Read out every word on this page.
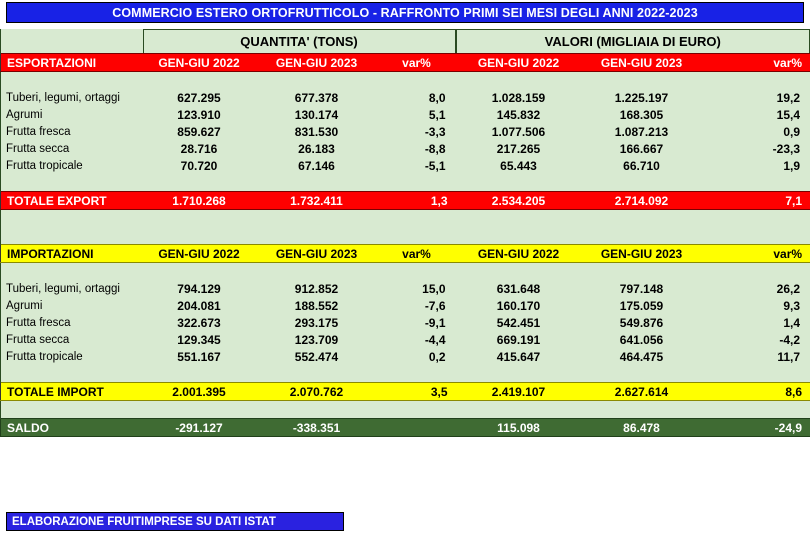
COMMERCIO ESTERO ORTOFRUTTICOLO - RAFFRONTO PRIMI SEI MESI DEGLI ANNI 2022-2023

QUANTITA' (TONS)			VALORI (MIGLIAIA DI EURO)		

ESPORTAZIONI	GEN-GIU 2022	GEN-GIU 2023	var%	GEN-GIU 2022	GEN-GIU 2023	var%

Tuberi, legumi, ortaggi	627.295	677.378	8,0	1.028.159	1.225.197	19,2
Agrumi	123.910	130.174	5,1	145.832	168.305	15,4
Frutta fresca	859.627	831.530	-3,3	1.077.506	1.087.213	0,9
Frutta secca	28.716	26.183	-8,8	217.265	166.667	-23,3
Frutta tropicale	70.720	67.146	-5,1	65.443	66.710	1,9

TOTALE EXPORT	1.710.268	1.732.411	1,3	2.534.205	2.714.092	7,1

IMPORTAZIONI	GEN-GIU 2022	GEN-GIU 2023	var%	GEN-GIU 2022	GEN-GIU 2023	var%

Tuberi, legumi, ortaggi	794.129	912.852	15,0	631.648	797.148	26,2
Agrumi	204.081	188.552	-7,6	160.170	175.059	9,3
Frutta fresca	322.673	293.175	-9,1	542.451	549.876	1,4
Frutta secca	129.345	123.709	-4,4	669.191	641.056	-4,2
Frutta tropicale	551.167	552.474	0,2	415.647	464.475	11,7

TOTALE IMPORT	2.001.395	2.070.762	3,5	2.419.107	2.627.614	8,6

SALDO	-291.127	-338.351		115.098	86.478	-24,9
ELABORAZIONE FRUITIMPRESE SU DATI ISTAT
